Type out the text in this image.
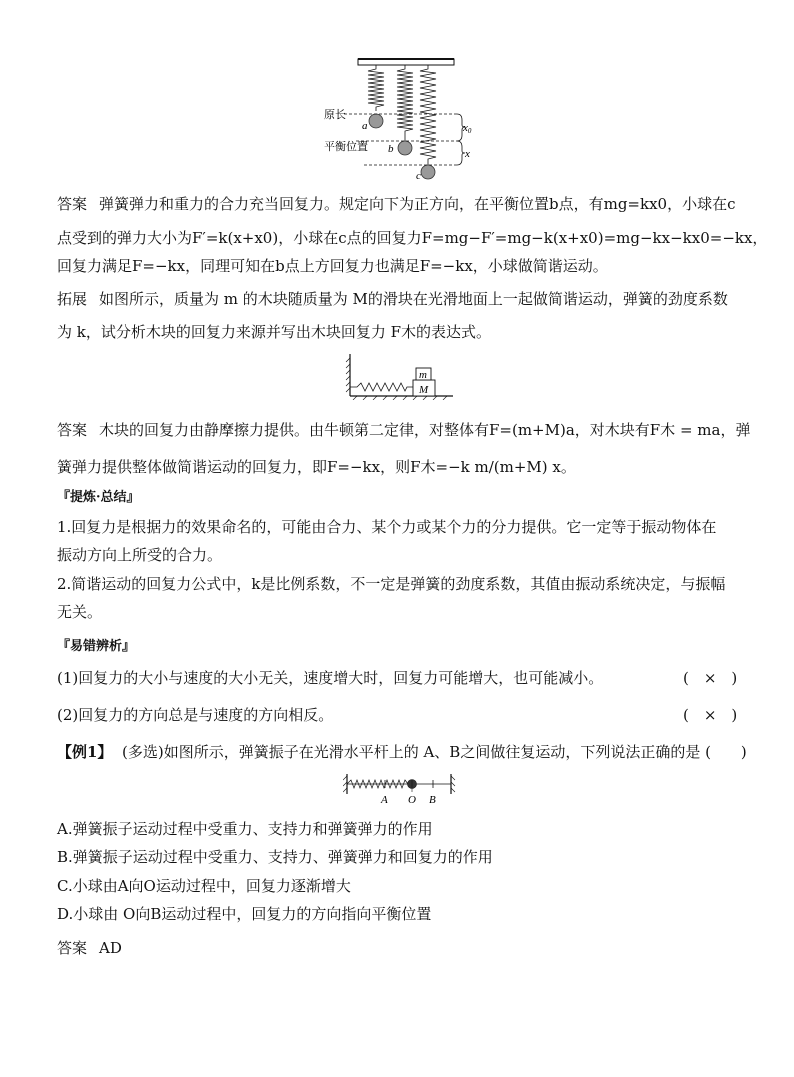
原长
平衡位置
a
b
c
x0
x
答案 弹簧弹力和重力的合力充当回复力。规定向下为正方向，在平衡位置b点，有mg=kx0，小球在c
点受到的弹力大小为F′=k(x+x0)，小球在c点的回复力F=mg−F′=mg−k(x+x0)=mg−kx−kx0=−kx，
回复力满足F=−kx，同理可知在b点上方回复力也满足F=−kx，小球做简谐运动。
拓展 如图所示，质量为 m 的木块随质量为 M的滑块在光滑地面上一起做简谐运动，弹簧的劲度系数
为 k，试分析木块的回复力来源并写出木块回复力 F木的表达式。
m
M
答案 木块的回复力由静摩擦力提供。由牛顿第二定律，对整体有F=(m+M)a，对木块有F木 = ma，弹
簧弹力提供整体做简谐运动的回复力，即F=−kx，则F木=−k m/(m+M) x。
『提炼·总结』
1.回复力是根据力的效果命名的，可能由合力、某个力或某个力的分力提供。它一定等于振动物体在
振动方向上所受的合力。
2.简谐运动的回复力公式中，k是比例系数，不一定是弹簧的劲度系数，其值由振动系统决定，与振幅
无关。
『易错辨析』
(1)回复力的大小与速度的大小无关，速度增大时，回复力可能增大，也可能减小。	(　×　)
(2)回复力的方向总是与速度的方向相反。	(　×　)
【例1】 (多选)如图所示，弹簧振子在光滑水平杆上的 A、B之间做往复运动，下列说法正确的是 (　　)
A O B
A.弹簧振子运动过程中受重力、支持力和弹簧弹力的作用
B.弹簧振子运动过程中受重力、支持力、弹簧弹力和回复力的作用
C.小球由A向O运动过程中，回复力逐渐增大
D.小球由 O向B运动过程中，回复力的方向指向平衡位置
答案 AD
